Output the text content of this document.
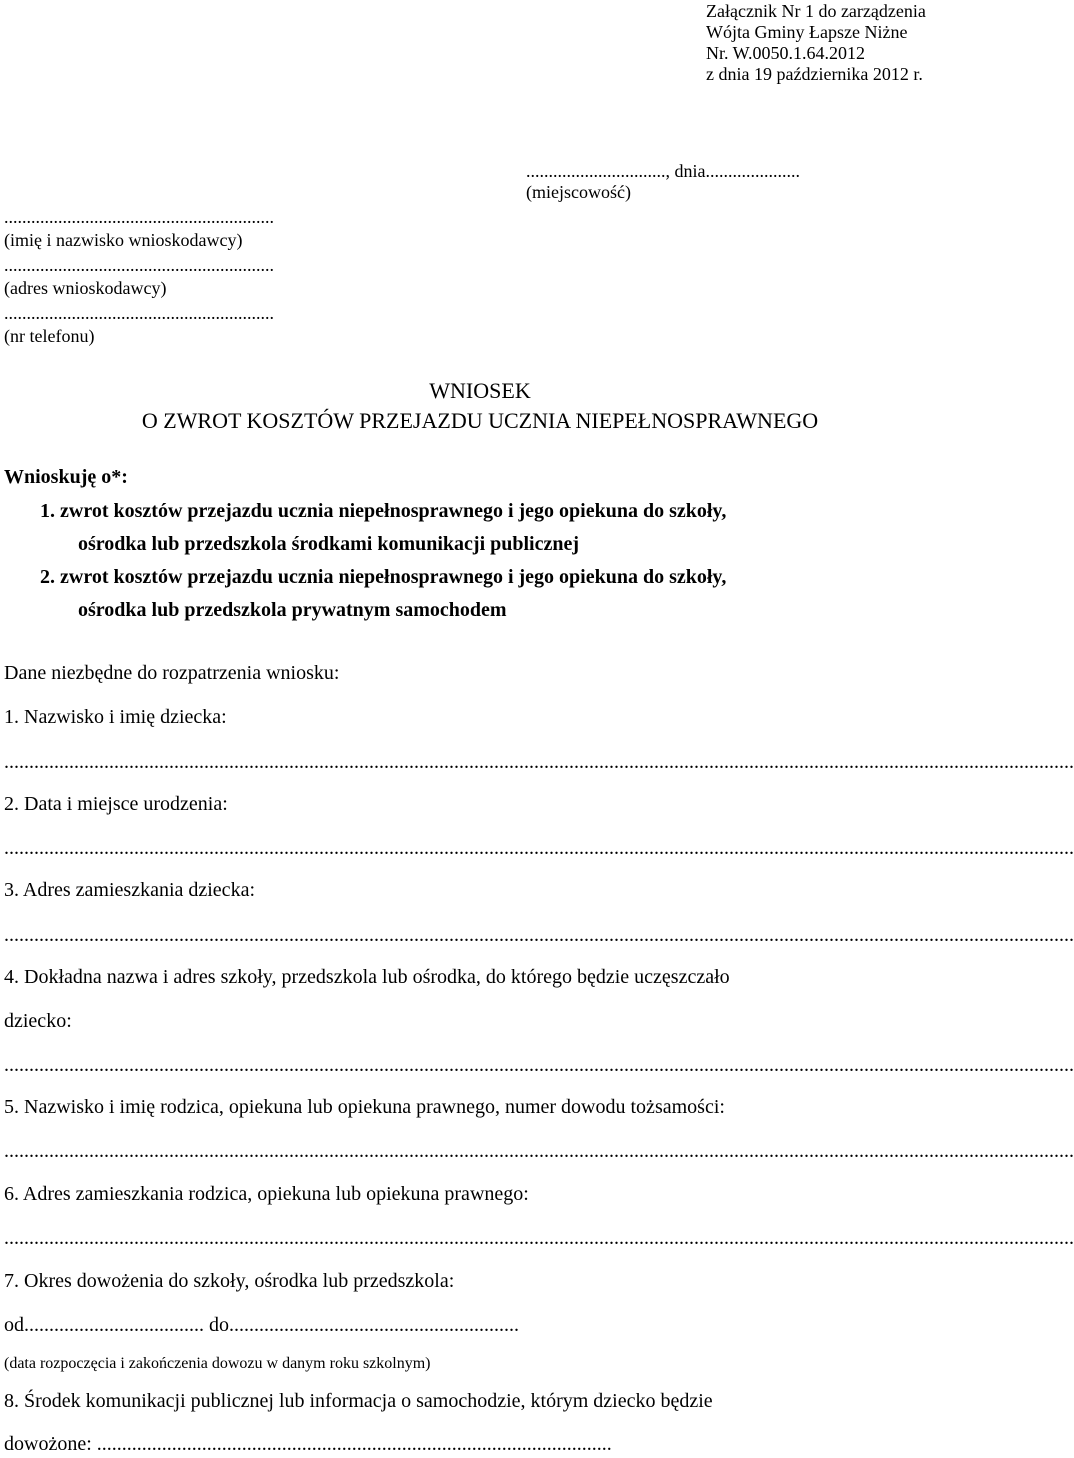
Załącznik Nr 1 do zarządzenia
Wójta Gminy Łapsze Niżne
Nr. W.0050.1.64.2012
z dnia 19 października 2012 r.
..............................., dnia.....................
(miejscowość)
............................................................
(imię i nazwisko wnioskodawcy)
............................................................
(adres wnioskodawcy)
............................................................
(nr telefonu)
WNIOSEK
O ZWROT KOSZTÓW PRZEJAZDU UCZNIA NIEPEŁNOSPRAWNEGO
Wnioskuję o*:
1. zwrot kosztów przejazdu ucznia niepełnosprawnego i jego opiekuna do szkoły,
ośrodka lub przedszkola środkami komunikacji publicznej
2. zwrot kosztów przejazdu ucznia niepełnosprawnego i jego opiekuna do szkoły,
ośrodka lub przedszkola prywatnym samochodem
Dane niezbędne do rozpatrzenia wniosku:
1. Nazwisko i imię dziecka:
......................................................................................................................................................................................................................
2. Data i miejsce urodzenia:
......................................................................................................................................................................................................................
3. Adres zamieszkania dziecka:
......................................................................................................................................................................................................................
4. Dokładna nazwa i adres szkoły, przedszkola lub ośrodka, do którego będzie uczęszczało
dziecko:
......................................................................................................................................................................................................................
5. Nazwisko i imię rodzica, opiekuna lub opiekuna prawnego, numer dowodu tożsamości:
......................................................................................................................................................................................................................
6. Adres zamieszkania rodzica, opiekuna lub opiekuna prawnego:
......................................................................................................................................................................................................................
7. Okres dowożenia do szkoły, ośrodka lub przedszkola:
od.................................... do..........................................................
(data rozpoczęcia i zakończenia dowozu w danym roku szkolnym)
8. Środek komunikacji publicznej lub informacja o samochodzie, którym dziecko będzie
dowożone: .......................................................................................................
